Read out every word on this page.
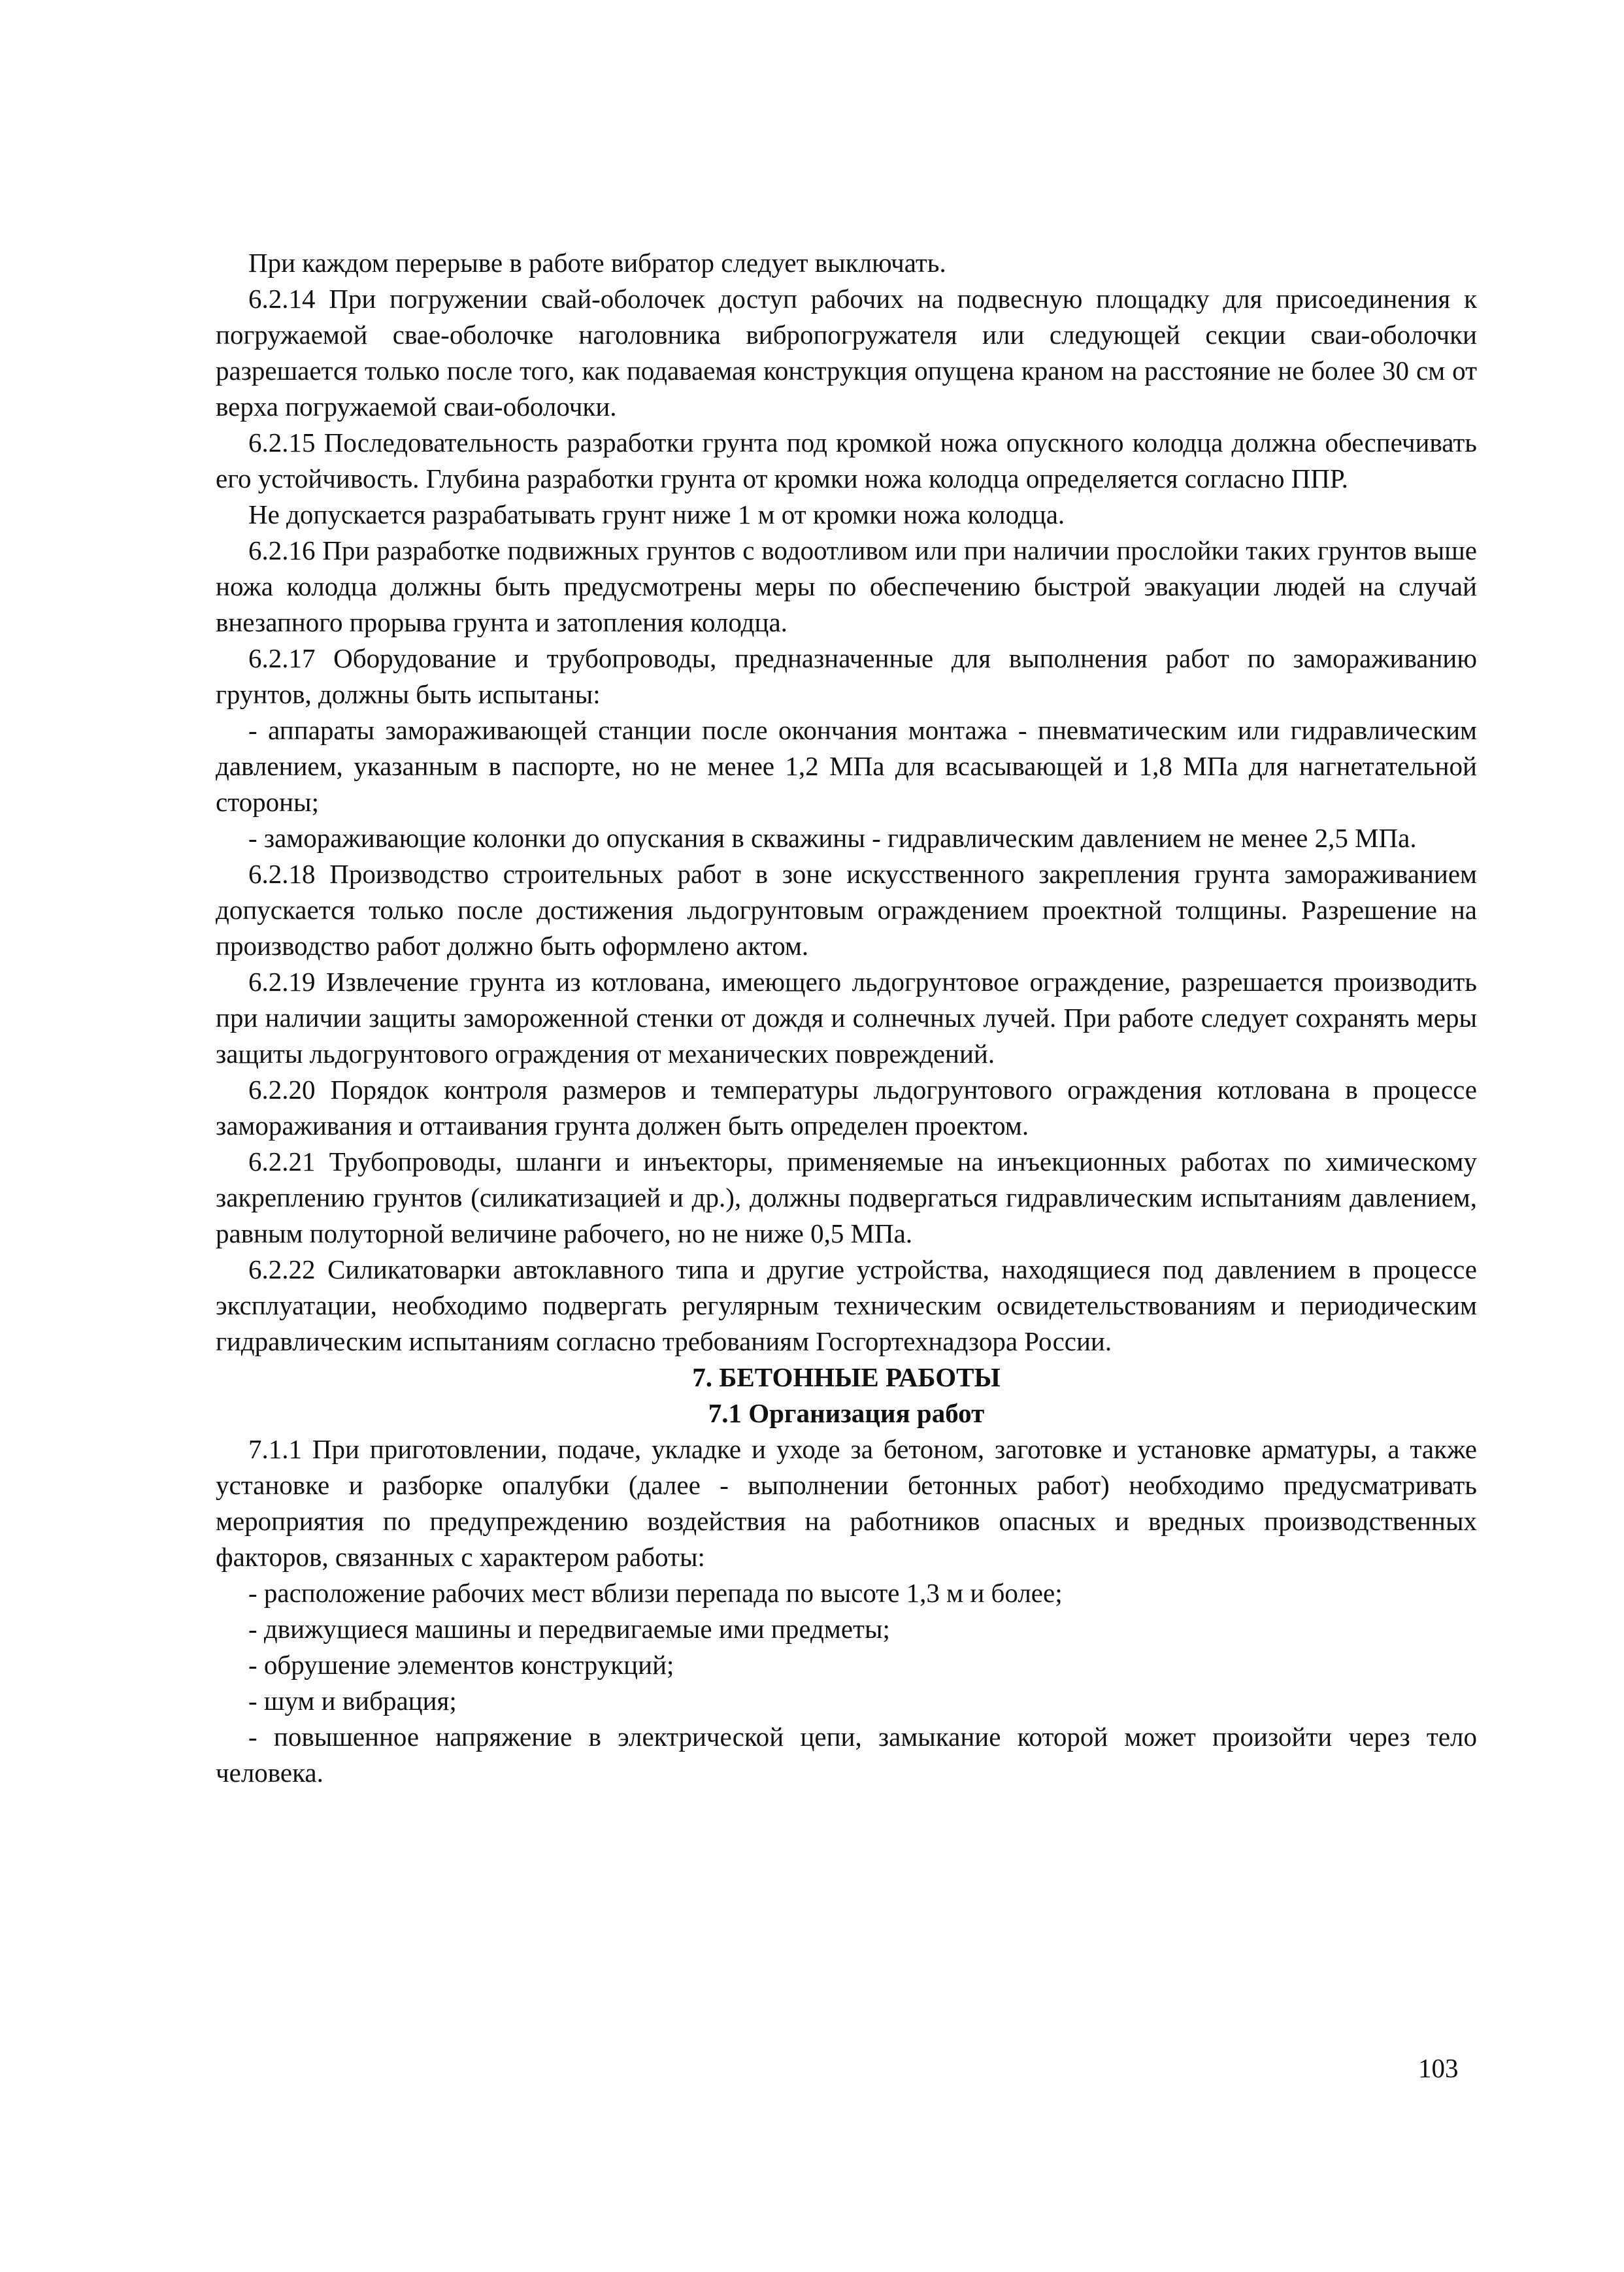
При каждом перерыве в работе вибратор следует выключать.

6.2.14 При погружении свай-оболочек доступ рабочих на подвесную площадку для присоединения к погружаемой свае-оболочке наголовника вибропогружателя или следующей секции сваи-оболочки разрешается только после того, как подаваемая конструкция опущена краном на расстояние не более 30 см от верха погружаемой сваи-оболочки.

6.2.15 Последовательность разработки грунта под кромкой ножа опускного колодца должна обеспечивать его устойчивость. Глубина разработки грунта от кромки ножа колодца определяется согласно ППР.

Не допускается разрабатывать грунт ниже 1 м от кромки ножа колодца.

6.2.16 При разработке подвижных грунтов с водоотливом или при наличии прослойки таких грунтов выше ножа колодца должны быть предусмотрены меры по обеспечению быстрой эвакуации людей на случай внезапного прорыва грунта и затопления колодца.

6.2.17 Оборудование и трубопроводы, предназначенные для выполнения работ по замораживанию грунтов, должны быть испытаны:

- аппараты замораживающей станции после окончания монтажа - пневматическим или гидравлическим давлением, указанным в паспорте, но не менее 1,2 МПа для всасывающей и 1,8 МПа для нагнетательной стороны;

- замораживающие колонки до опускания в скважины - гидравлическим давлением не менее 2,5 МПа.

6.2.18 Производство строительных работ в зоне искусственного закрепления грунта замораживанием допускается только после достижения льдогрунтовым ограждением проектной толщины. Разрешение на производство работ должно быть оформлено актом.

6.2.19 Извлечение грунта из котлована, имеющего льдогрунтовое ограждение, разрешается производить при наличии защиты замороженной стенки от дождя и солнечных лучей. При работе следует сохранять меры защиты льдогрунтового ограждения от механических повреждений.

6.2.20 Порядок контроля размеров и температуры льдогрунтового ограждения котлована в процессе замораживания и оттаивания грунта должен быть определен проектом.

6.2.21 Трубопроводы, шланги и инъекторы, применяемые на инъекционных работах по химическому закреплению грунтов (силикатизацией и др.), должны подвергаться гидравлическим испытаниям давлением, равным полуторной величине рабочего, но не ниже 0,5 МПа.

6.2.22 Силикатоварки автоклавного типа и другие устройства, находящиеся под давлением в процессе эксплуатации, необходимо подвергать регулярным техническим освидетельствованиям и периодическим гидравлическим испытаниям согласно требованиям Госгортехнадзора России.

7. БЕТОННЫЕ РАБОТЫ

7.1 Организация работ

7.1.1 При приготовлении, подаче, укладке и уходе за бетоном, заготовке и установке арматуры, а также установке и разборке опалубки (далее - выполнении бетонных работ) необходимо предусматривать мероприятия по предупреждению воздействия на работников опасных и вредных производственных факторов, связанных с характером работы:

- расположение рабочих мест вблизи перепада по высоте 1,3 м и более;

- движущиеся машины и передвигаемые ими предметы;

- обрушение элементов конструкций;

- шум и вибрация;

- повышенное напряжение в электрической цепи, замыкание которой может произойти через тело человека.

103
